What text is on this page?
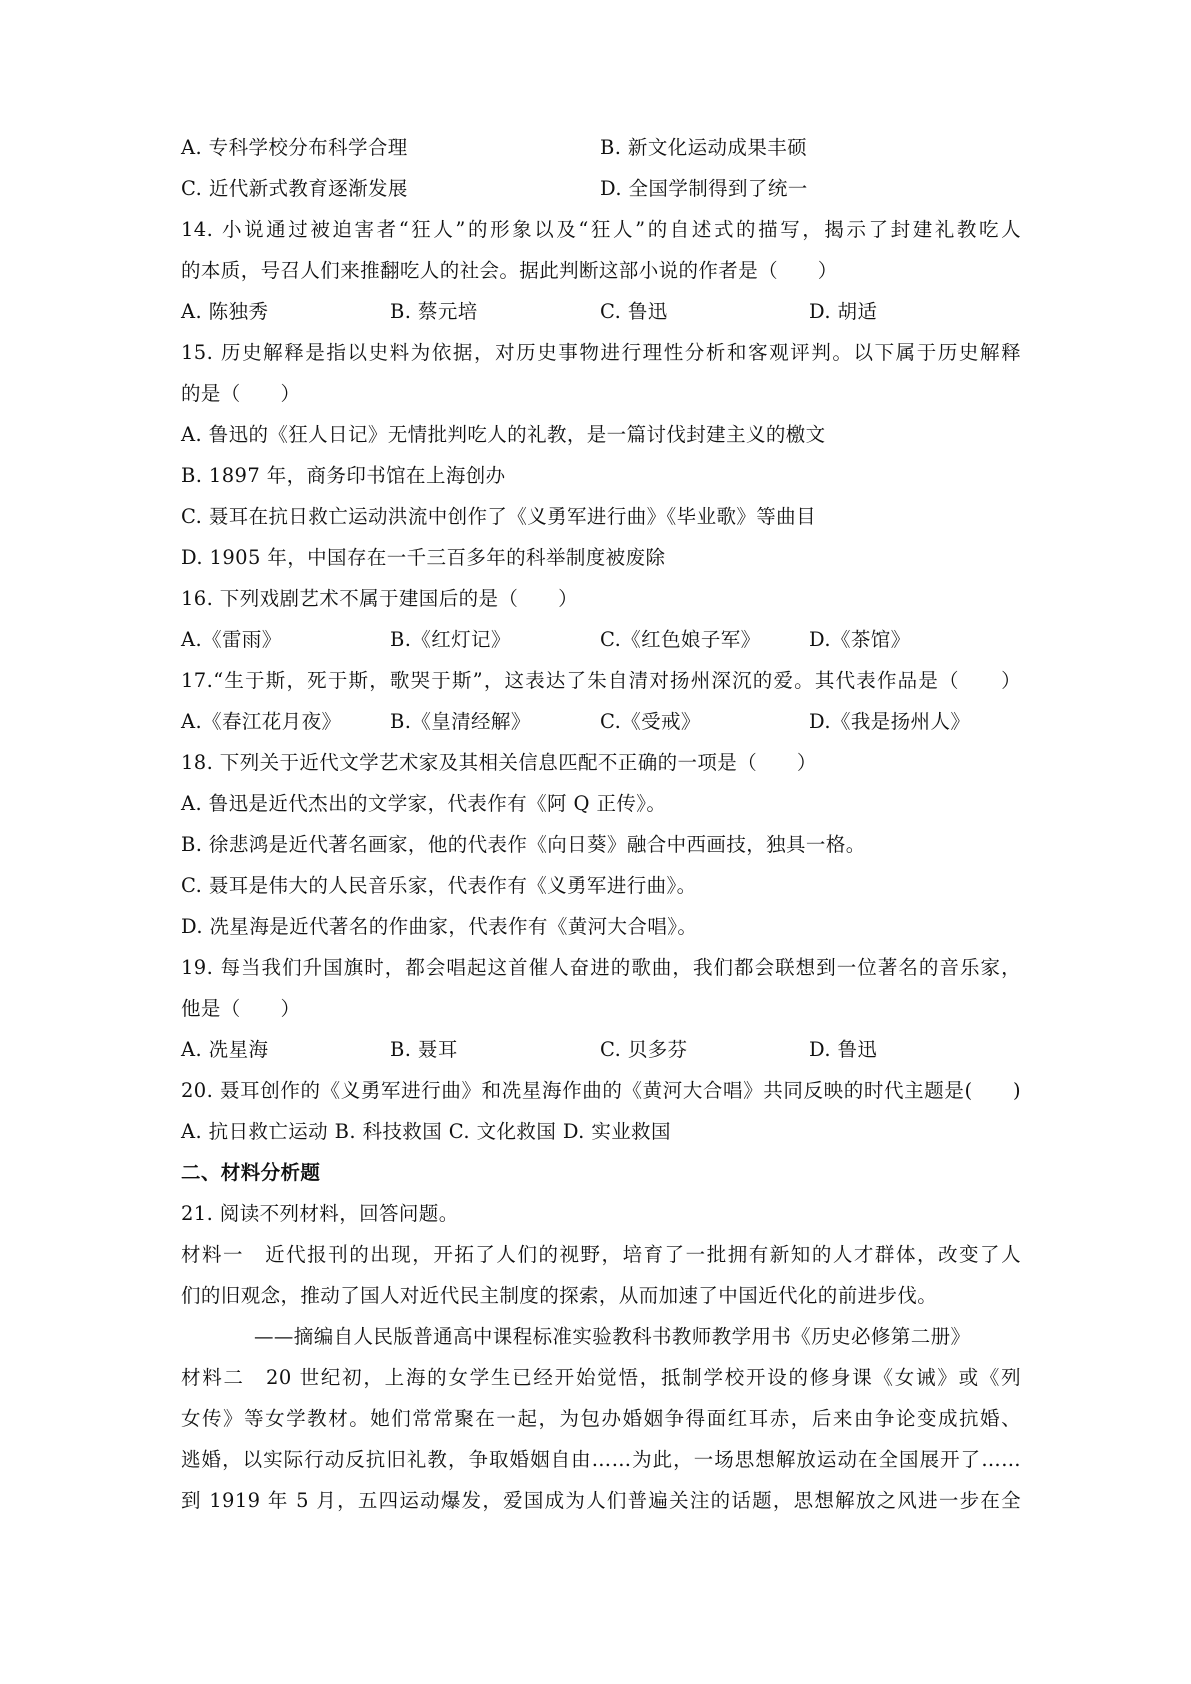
A. 专科学校分布科学合理	B. 新文化运动成果丰硕
C. 近代新式教育逐渐发展	D. 全国学制得到了统一
14. 小说通过被迫害者“狂人”的形象以及“狂人”的自述式的描写，揭示了封建礼教吃人
的本质，号召人们来推翻吃人的社会。据此判断这部小说的作者是（　　）
A. 陈独秀	B. 蔡元培	C. 鲁迅	D. 胡适
15. 历史解释是指以史料为依据，对历史事物进行理性分析和客观评判。以下属于历史解释
的是（　　）
A. 鲁迅的《狂人日记》无情批判吃人的礼教，是一篇讨伐封建主义的檄文
B. 1897 年，商务印书馆在上海创办
C. 聂耳在抗日救亡运动洪流中创作了《义勇军进行曲》《毕业歌》等曲目
D. 1905 年，中国存在一千三百多年的科举制度被废除
16. 下列戏剧艺术不属于建国后的是（　　）
A.《雷雨》	B.《红灯记》	C.《红色娘子军》 D.《茶馆》
17.“生于斯，死于斯，歌哭于斯”，这表达了朱自清对扬州深沉的爱。其代表作品是（　　）
A.《春江花月夜》 B.《皇清经解》	C.《受戒》	D.《我是扬州人》
18. 下列关于近代文学艺术家及其相关信息匹配不正确的一项是（　　）
A. 鲁迅是近代杰出的文学家，代表作有《阿 Q 正传》。
B. 徐悲鸿是近代著名画家，他的代表作《向日葵》融合中西画技，独具一格。
C. 聂耳是伟大的人民音乐家，代表作有《义勇军进行曲》。
D. 冼星海是近代著名的作曲家，代表作有《黄河大合唱》。
19. 每当我们升国旗时，都会唱起这首催人奋进的歌曲，我们都会联想到一位著名的音乐家，
他是（　　）
A. 冼星海	B. 聂耳	C. 贝多芬	D. 鲁迅
20. 聂耳创作的《义勇军进行曲》和冼星海作曲的《黄河大合唱》共同反映的时代主题是(　　)
A. 抗日救亡运动 B. 科技救国 C. 文化救国 D. 实业救国
二、材料分析题
21. 阅读不列材料，回答问题。
材料一　近代报刊的出现，开拓了人们的视野，培育了一批拥有新知的人才群体，改变了人
们的旧观念，推动了国人对近代民主制度的探索，从而加速了中国近代化的前进步伐。
——摘编自人民版普通高中课程标准实验教科书教师教学用书《历史必修第二册》
材料二　20 世纪初，上海的女学生已经开始觉悟，抵制学校开设的修身课《女诫》或《列
女传》等女学教材。她们常常聚在一起，为包办婚姻争得面红耳赤，后来由争论变成抗婚、
逃婚，以实际行动反抗旧礼教，争取婚姻自由……为此，一场思想解放运动在全国展开了……
到 1919 年 5 月，五四运动爆发，爱国成为人们普遍关注的话题，思想解放之风进一步在全
